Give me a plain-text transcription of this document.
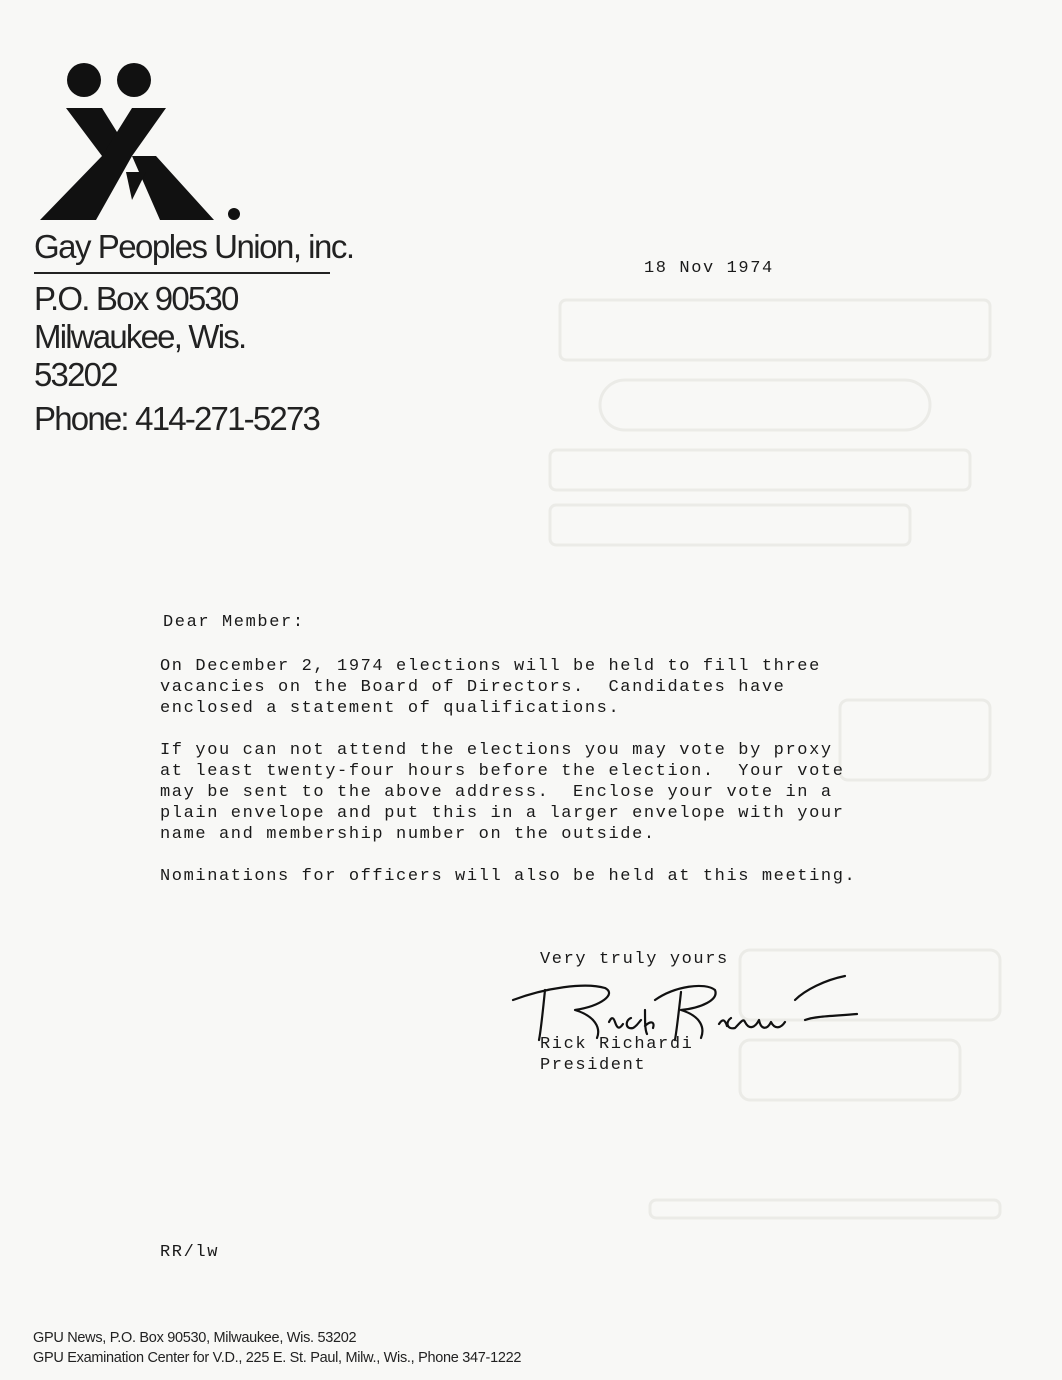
Gay Peoples Union, inc.
P.O. Box 90530
Milwaukee, Wis.
53202
Phone: 414-271-5273
18 Nov 1974
Dear Member:
On December 2, 1974 elections will be held to fill three
vacancies on the Board of Directors.  Candidates have
enclosed a statement of qualifications.
If you can not attend the elections you may vote by proxy
at least twenty-four hours before the election.  Your vote
may be sent to the above address.  Enclose your vote in a
plain envelope and put this in a larger envelope with your
name and membership number on the outside.
Nominations for officers will also be held at this meeting.
Very truly yours
Rick Richardi
President
RR/lw
GPU News, P.O. Box 90530, Milwaukee, Wis. 53202
GPU Examination Center for V.D., 225 E. St. Paul, Milw., Wis., Phone 347-1222
